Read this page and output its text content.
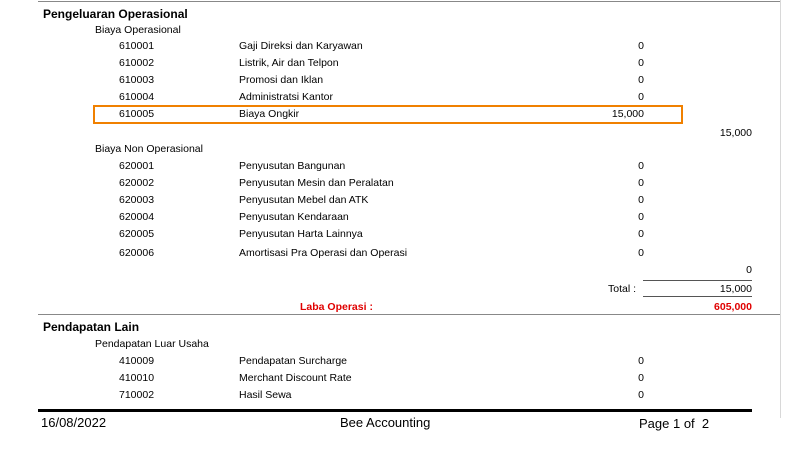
Pengeluaran Operasional
Biaya Operasional
610001	Gaji Direksi dan Karyawan	0
610002	Listrik, Air dan Telpon	0
610003	Promosi dan Iklan	0
610004	Administratsi Kantor	0
610005	Biaya Ongkir	15,000
15,000
Biaya Non Operasional
620001	Penyusutan Bangunan	0
620002	Penyusutan Mesin dan Peralatan	0
620003	Penyusutan Mebel dan ATK	0
620004	Penyusutan Kendaraan	0
620005	Penyusutan Harta Lainnya	0
620006	Amortisasi Pra Operasi dan Operasi	0
0
Total :	15,000
Laba Operasi :	605,000
Pendapatan Lain
Pendapatan Luar Usaha
410009	Pendapatan Surcharge	0
410010	Merchant Discount Rate	0
710002	Hasil Sewa	0
16/08/2022	Bee Accounting	Page 1 of  2
